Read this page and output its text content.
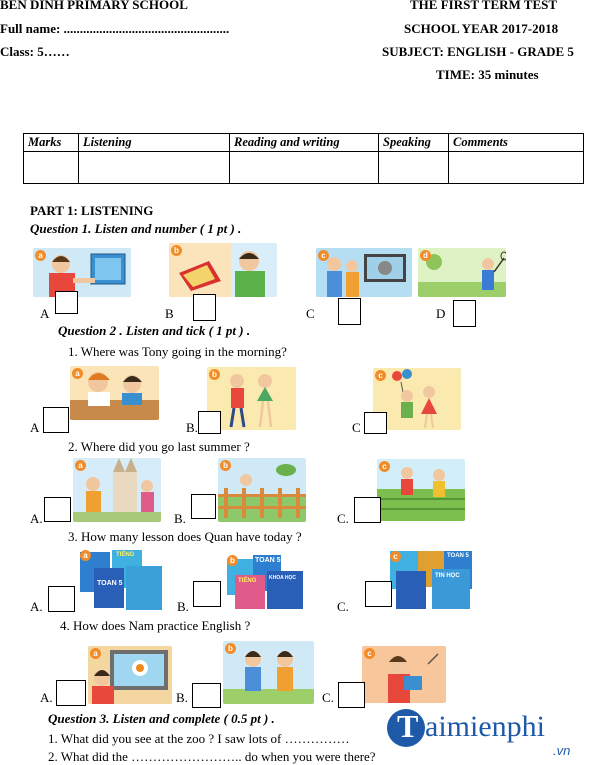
BEN DINH PRIMARY SCHOOL
Full name: ...................................................
Class: 5……
THE FIRST TERM TEST
SCHOOL YEAR 2017-2018
SUBJECT: ENGLISH - GRADE 5
TIME: 35 minutes
Marks	Listening	Reading and writing	Speaking	Comments

PART 1: LISTENING
Question 1. Listen and number ( 1 pt ) .
a
b
c	d
A	B	C	D
Question 2 . Listen and tick ( 1 pt ) .
1. Where was Tony going in the morning?
a	b	c
A	B.	C
2. Where did you go last summer ?
a	b	c
A.	B.	C.
3. How many lesson does Quan have today ?
a
TOAN 5
TIẾNG
b	TOAN 5
TIẾNG	KHOA HỌC
c	TOAN 5
TIN HỌC
A.	B.	C.
4. How does Nam practice English ?
a
b
c
A.	B.	C.
Question 3. Listen and complete ( 0.5 pt ) .
1. What did you see at the zoo ? I saw lots of ……………
2. What did the …………………….. do when you were there?
T aimienphi
.vn
